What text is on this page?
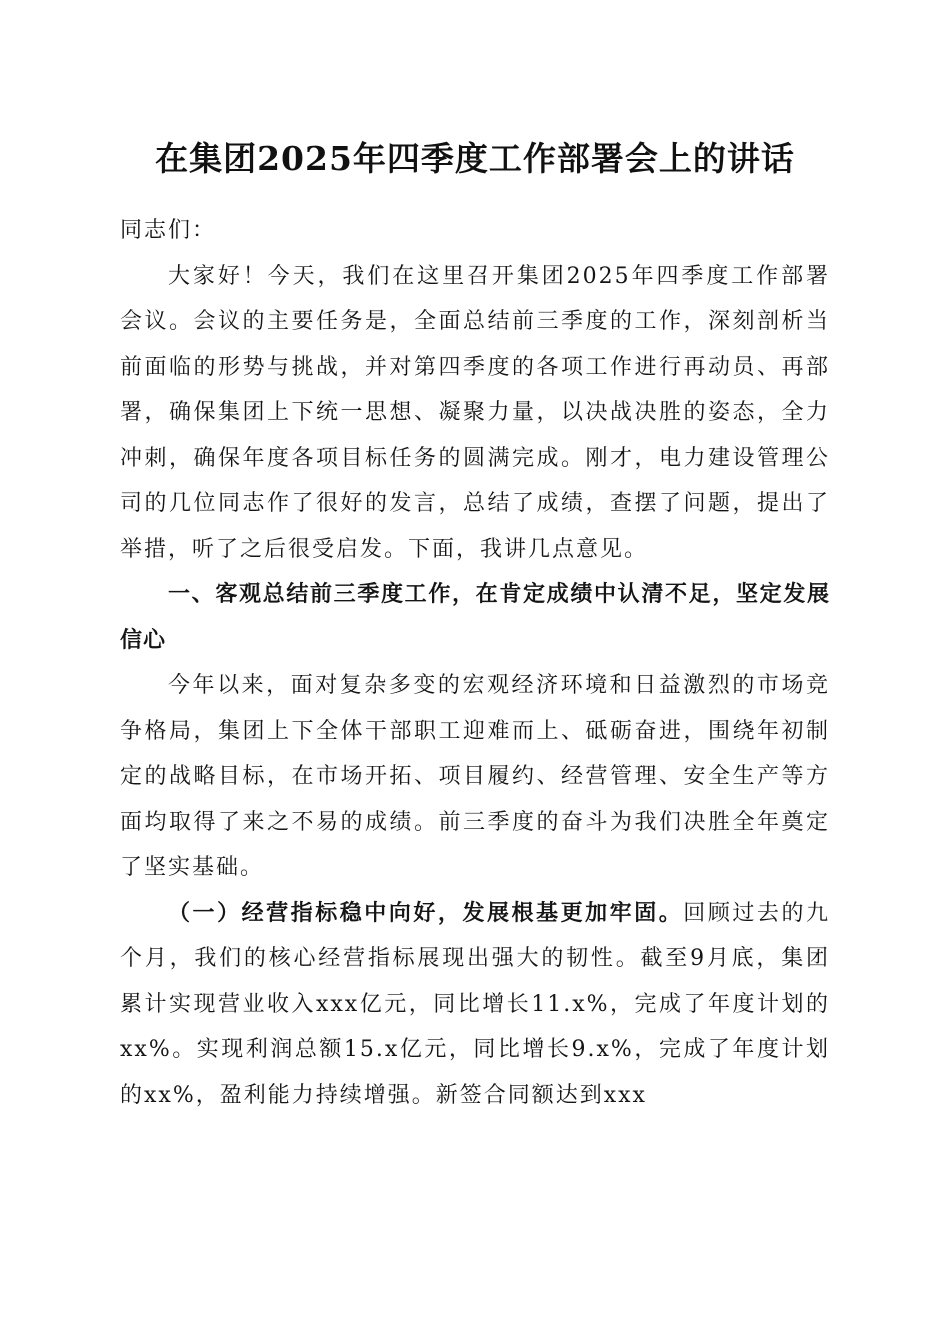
在集团2025年四季度工作部署会上的讲话

同志们：

大家好！今天，我们在这里召开集团2025年四季度工作部署会议。会议的主要任务是，全面总结前三季度的工作，深刻剖析当前面临的形势与挑战，并对第四季度的各项工作进行再动员、再部署，确保集团上下统一思想、凝聚力量，以决战决胜的姿态，全力冲刺，确保年度各项目标任务的圆满完成。刚才，电力建设管理公司的几位同志作了很好的发言，总结了成绩，查摆了问题，提出了举措，听了之后很受启发。下面，我讲几点意见。

一、客观总结前三季度工作，在肯定成绩中认清不足，坚定发展信心

今年以来，面对复杂多变的宏观经济环境和日益激烈的市场竞争格局，集团上下全体干部职工迎难而上、砥砺奋进，围绕年初制定的战略目标，在市场开拓、项目履约、经营管理、安全生产等方面均取得了来之不易的成绩。前三季度的奋斗为我们决胜全年奠定了坚实基础。

（一）经营指标稳中向好，发展根基更加牢固。回顾过去的九个月，我们的核心经营指标展现出强大的韧性。截至9月底，集团累计实现营业收入xxx亿元，同比增长11.x%，完成了年度计划的xx%。实现利润总额15.x亿元，同比增长9.x%，完成了年度计划的xx%，盈利能力持续增强。新签合同额达到xxx
